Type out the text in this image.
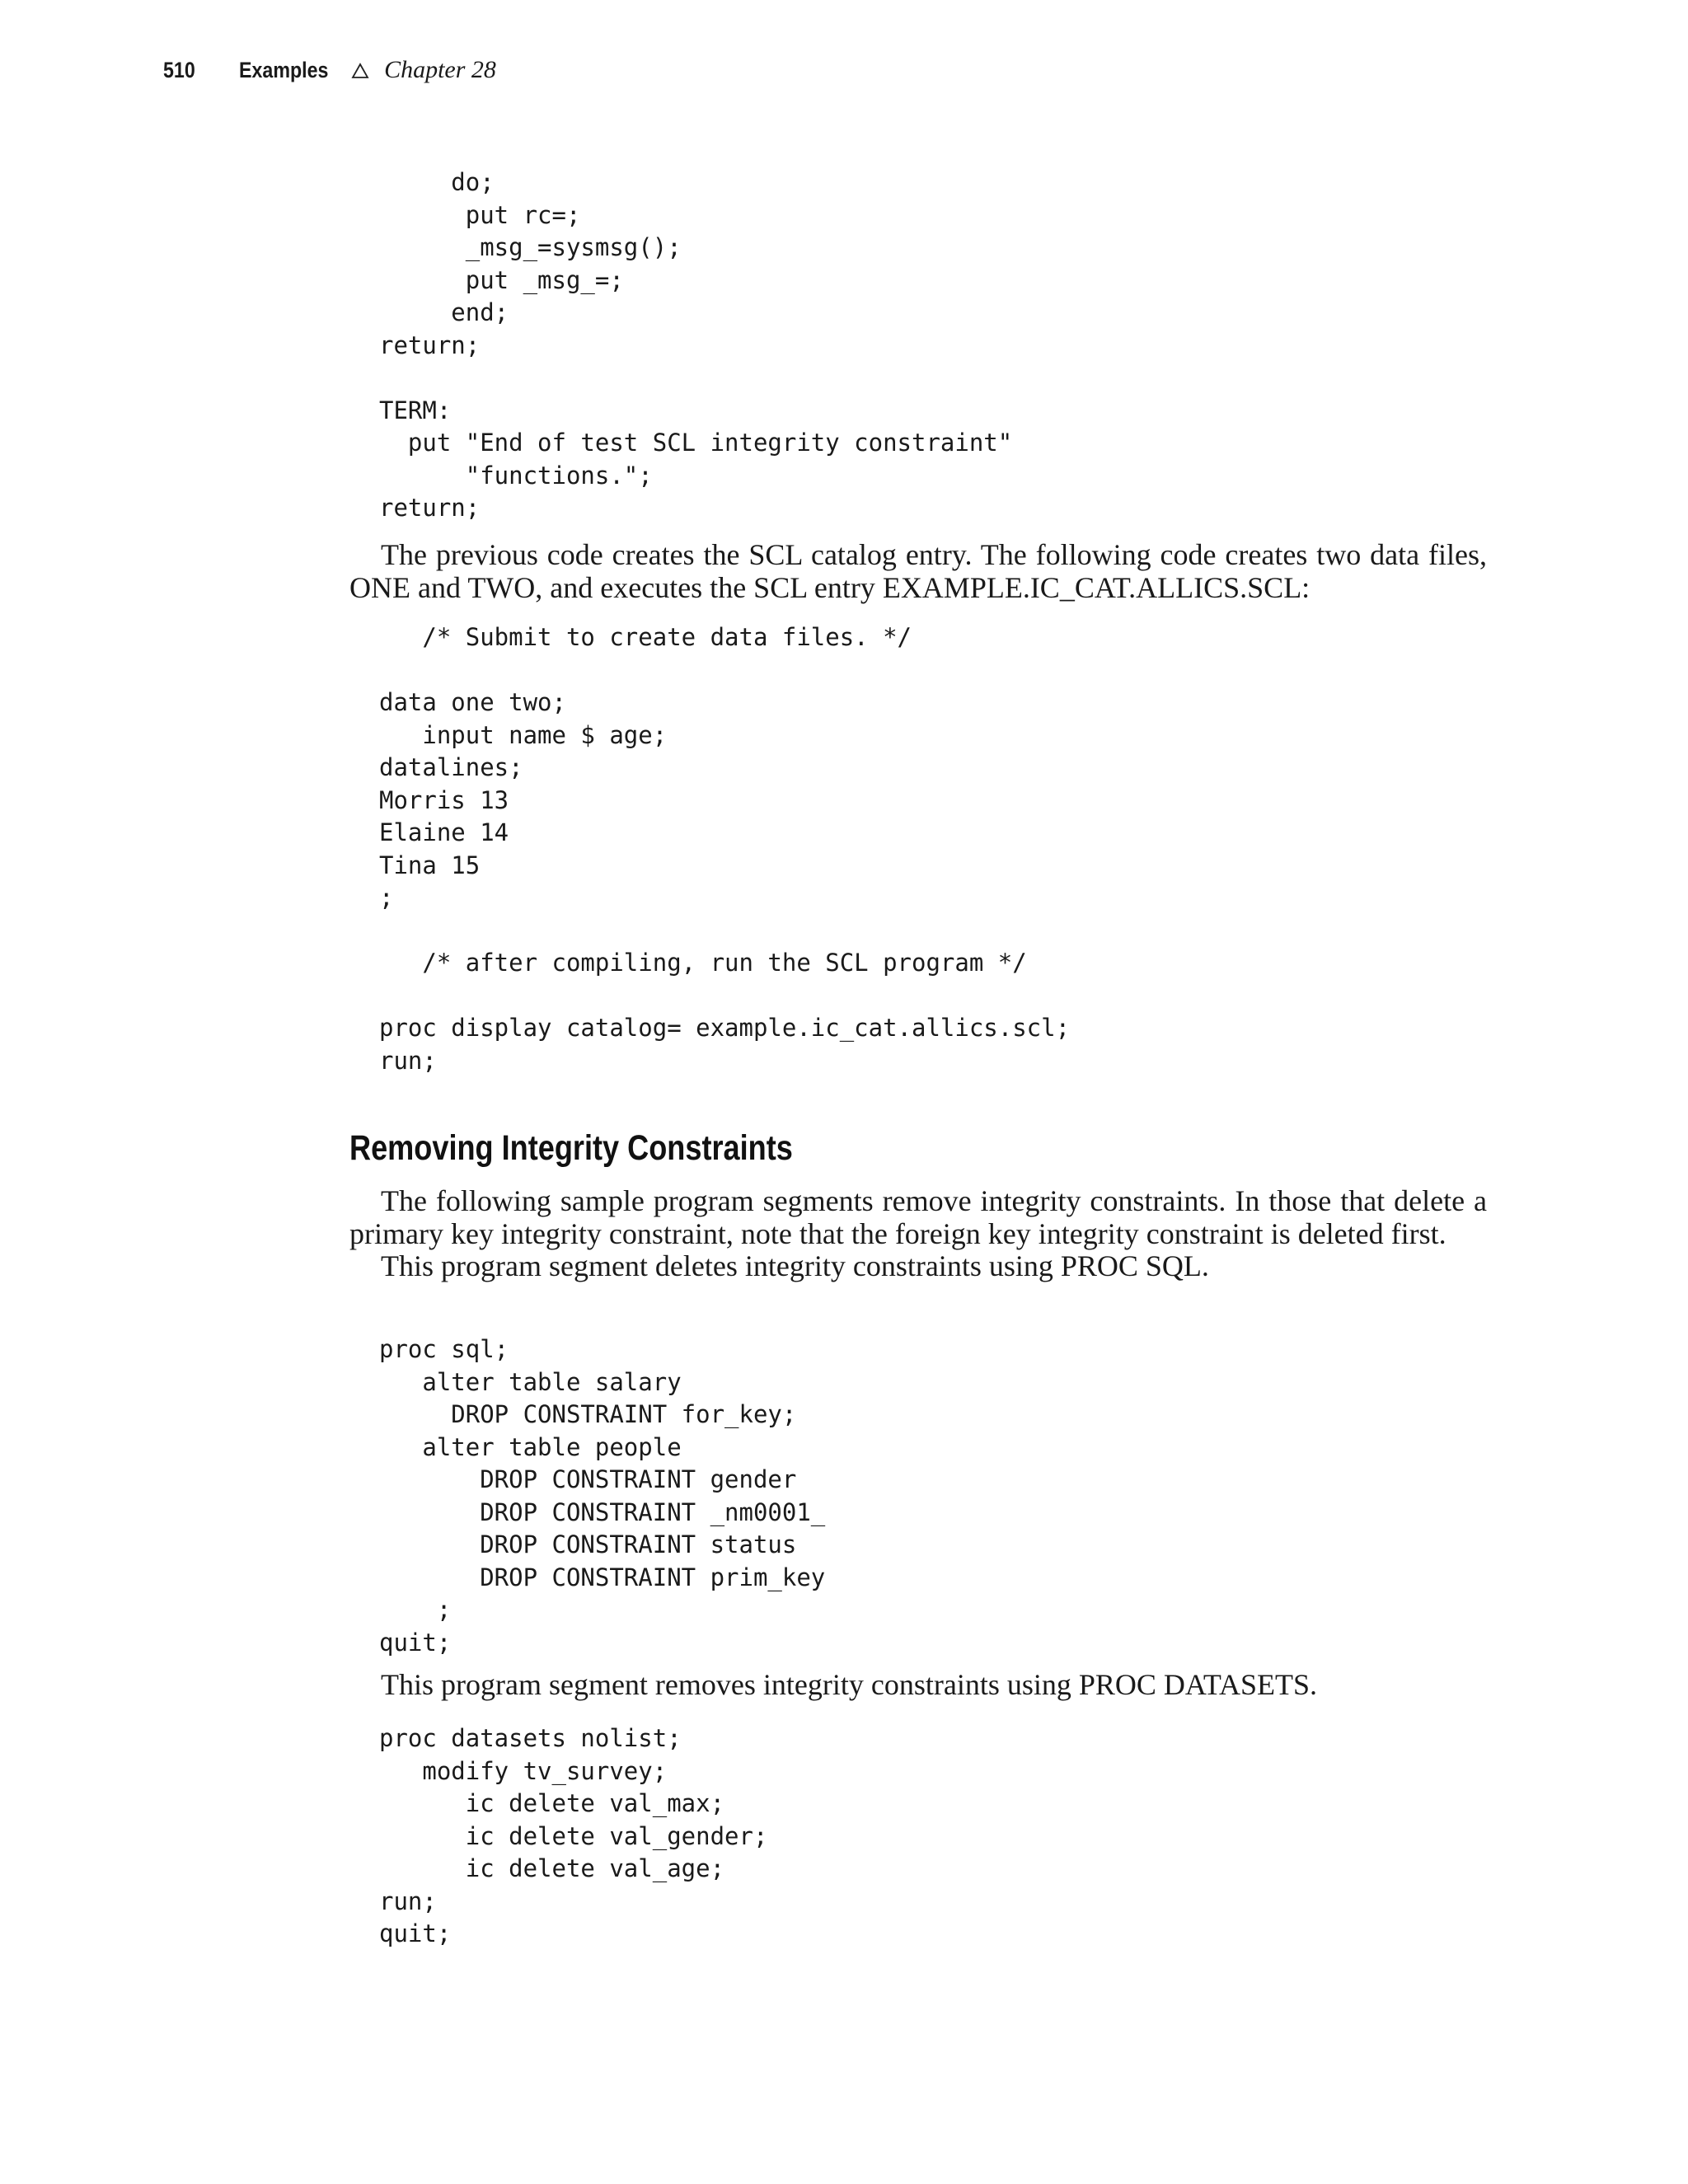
510	Examples Chapter 28
do;
put rc=;
_msg_=sysmsg();
put _msg_=;
end;
return;

TERM:
put "End of test SCL integrity constraint"
"functions.";
return;

The previous code creates the SCL catalog entry. The following code creates two data files, ONE and TWO, and executes the SCL entry EXAMPLE.IC_CAT.ALLICS.SCL:

/* Submit to create data files. */

data one two;
input name $ age;
datalines;
Morris 13
Elaine 14
Tina 15
;

/* after compiling, run the SCL program */

proc display catalog= example.ic_cat.allics.scl;
run;
Removing Integrity Constraints

The following sample program segments remove integrity constraints. In those that delete a primary key integrity constraint, note that the foreign key integrity constraint is deleted first.
This program segment deletes integrity constraints using PROC SQL.

proc sql;
alter table salary
DROP CONSTRAINT for_key;
alter table people
DROP CONSTRAINT gender
DROP CONSTRAINT _nm0001_
DROP CONSTRAINT status
DROP CONSTRAINT prim_key
;
quit;

This program segment removes integrity constraints using PROC DATASETS.

proc datasets nolist;
modify tv_survey;
ic delete val_max;
ic delete val_gender;
ic delete val_age;
run;
quit;
